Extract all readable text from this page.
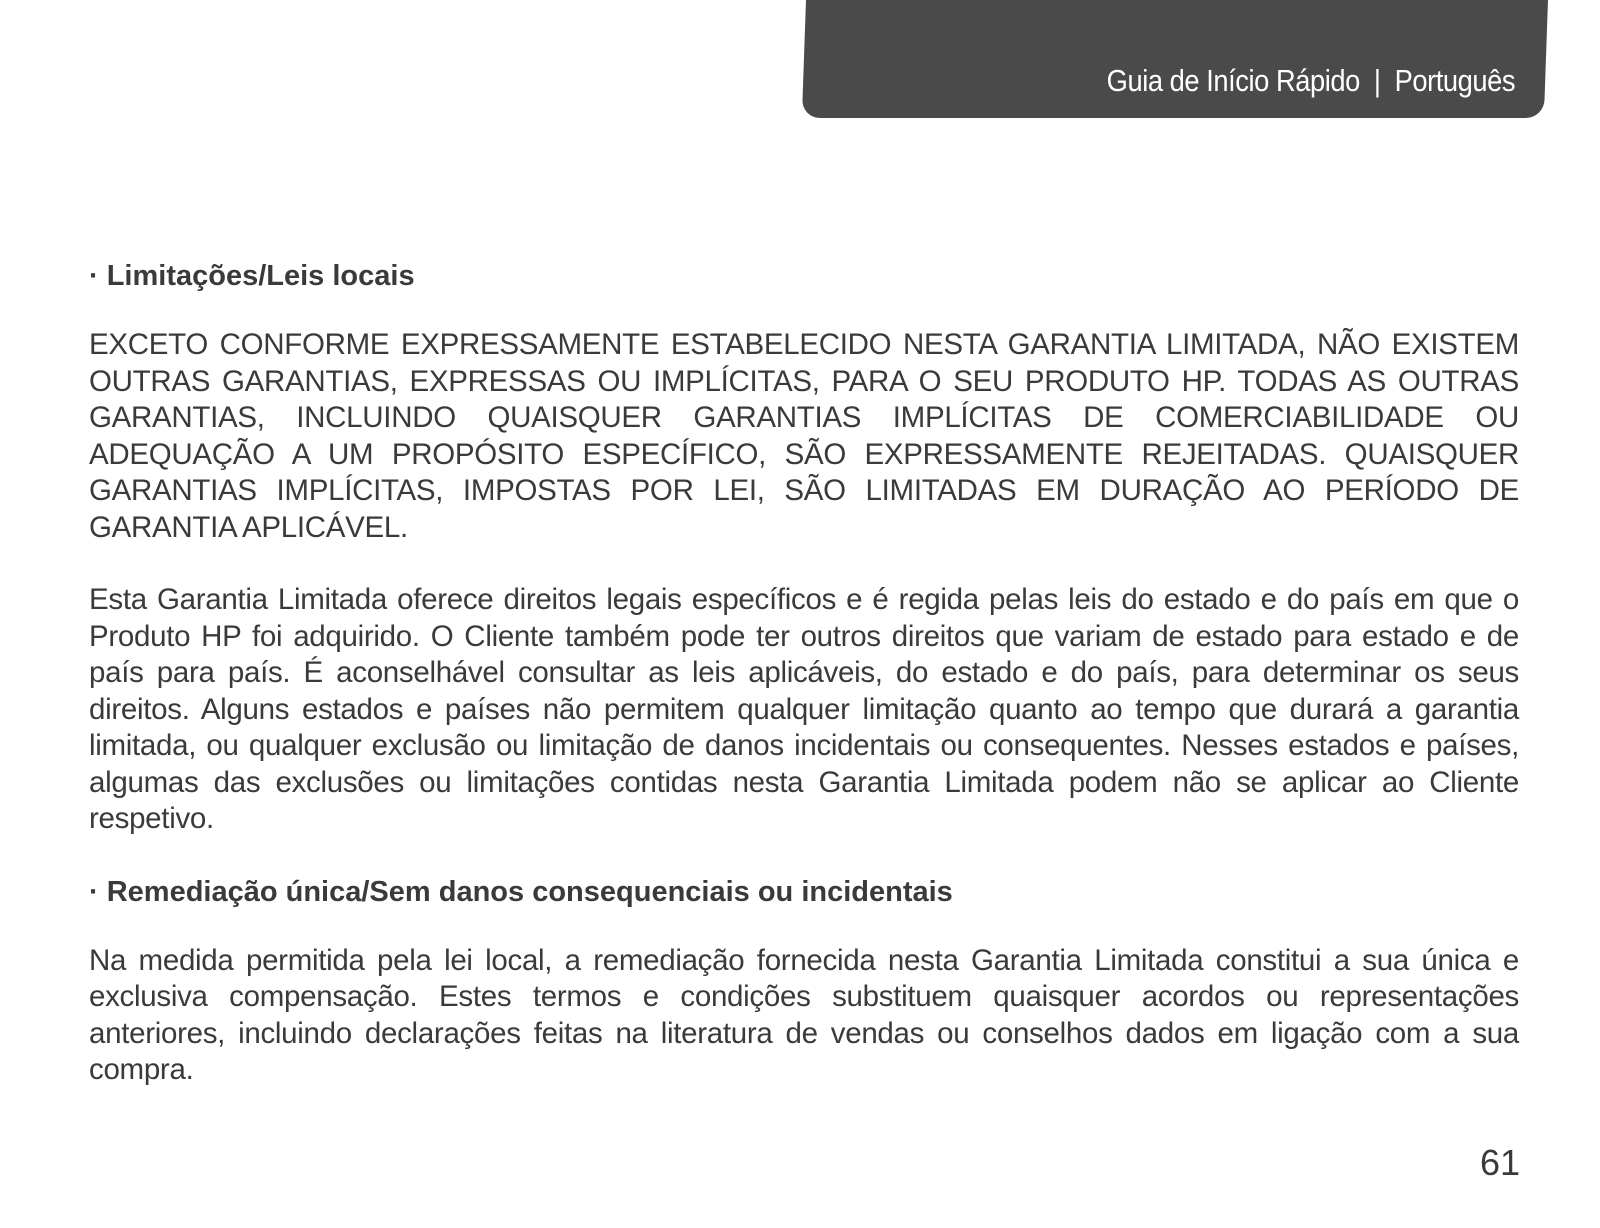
Guia de Início Rápido | Português

· Limitações/Leis locais

EXCETO CONFORME EXPRESSAMENTE ESTABELECIDO NESTA GARANTIA LIMITADA, NÃO EXISTEM OUTRAS GARANTIAS, EXPRESSAS OU IMPLÍCITAS, PARA O SEU PRODUTO HP. TODAS AS OUTRAS GARANTIAS, INCLUINDO QUAISQUER GARANTIAS IMPLÍCITAS DE COMERCIABILIDADE OU ADEQUAÇÃO A UM PROPÓSITO ESPECÍFICO, SÃO EXPRESSAMENTE REJEITADAS. QUAISQUER GARANTIAS IMPLÍCITAS, IMPOSTAS POR LEI, SÃO LIMITADAS EM DURAÇÃO AO PERÍODO DE GARANTIA APLICÁVEL.

Esta Garantia Limitada oferece direitos legais específicos e é regida pelas leis do estado e do país em que o Produto HP foi adquirido. O Cliente também pode ter outros direitos que variam de estado para estado e de país para país. É aconselhável consultar as leis aplicáveis, do estado e do país, para determinar os seus direitos. Alguns estados e países não permitem qualquer limitação quanto ao tempo que durará a garantia limitada, ou qualquer exclusão ou limitação de danos incidentais ou consequentes. Nesses estados e países, algumas das exclusões ou limitações contidas nesta Garantia Limitada podem não se aplicar ao Cliente respetivo.

· Remediação única/Sem danos consequenciais ou incidentais

Na medida permitida pela lei local, a remediação fornecida nesta Garantia Limitada constitui a sua única e exclusiva compensação. Estes termos e condições substituem quaisquer acordos ou representações anteriores, incluindo declarações feitas na literatura de vendas ou conselhos dados em ligação com a sua compra.

61
